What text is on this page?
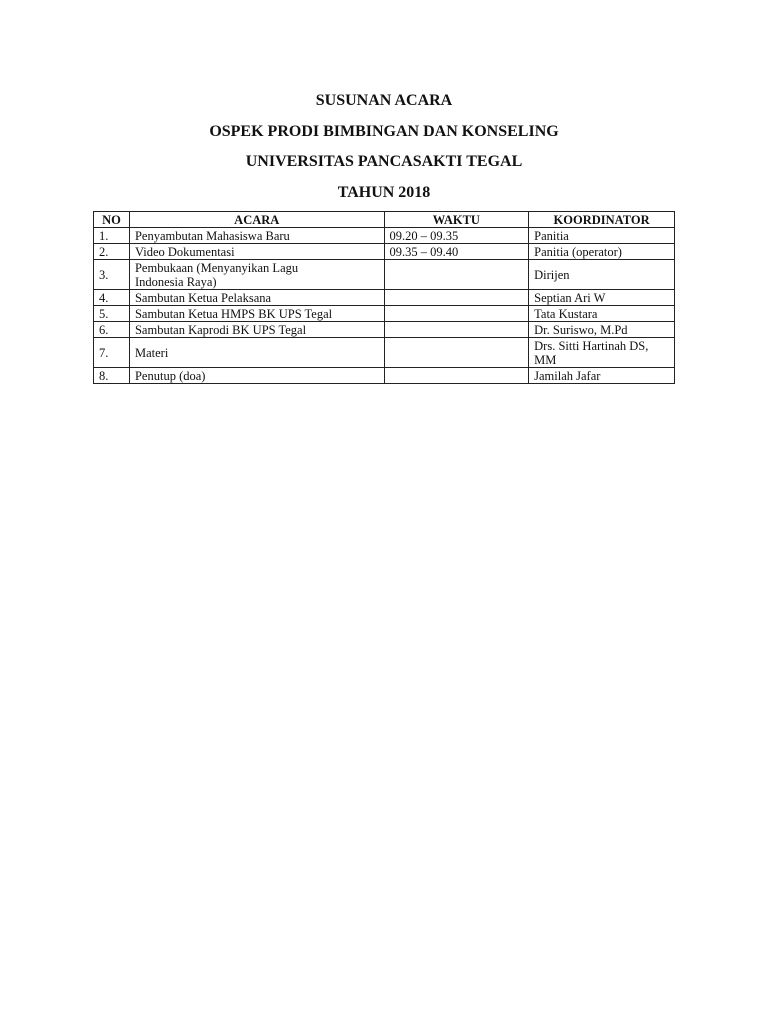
SUSUNAN ACARA

OSPEK PRODI BIMBINGAN DAN KONSELING

UNIVERSITAS PANCASAKTI TEGAL

TAHUN 2018

NO	ACARA	WAKTU	KOORDINATOR
1.	Penyambutan Mahasiswa Baru	09.20 – 09.35	Panitia
2.	Video Dokumentasi	09.35 – 09.40	Panitia (operator)
3.	Pembukaan (Menyanyikan Lagu Indonesia Raya)		Dirijen
4.	Sambutan Ketua Pelaksana		Septian Ari W
5.	Sambutan Ketua HMPS BK UPS Tegal		Tata Kustara
6.	Sambutan Kaprodi BK UPS Tegal		Dr. Suriswo, M.Pd
7.	Materi		Drs. Sitti Hartinah DS, MM
8.	Penutup (doa)		Jamilah Jafar
